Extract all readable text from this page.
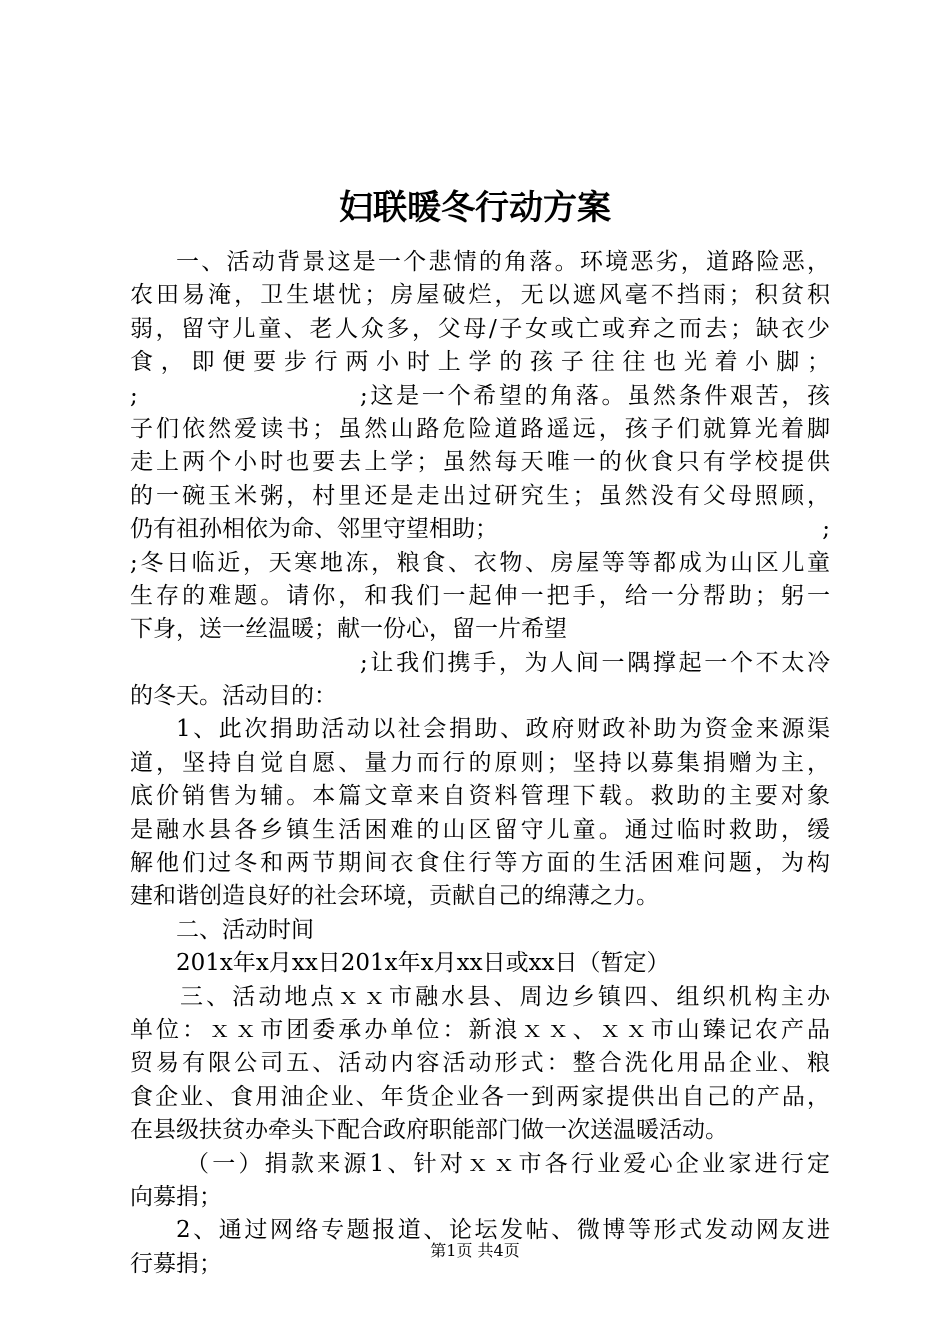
妇联暖冬行动方案
一、活动背景这是一个悲情的角落。环境恶劣，道路险恶，
农田易淹，卫生堪忧；房屋破烂，无以遮风毫不挡雨；积贫积
弱，留守儿童、老人众多，父母/子女或亡或弃之而去；缺衣少
食，即便要步行两小时上学的孩子往往也光着小脚；
;	;这是一个希望的角落。虽然条件艰苦，孩
子们依然爱读书；虽然山路危险道路遥远，孩子们就算光着脚
走上两个小时也要去上学；虽然每天唯一的伙食只有学校提供
的一碗玉米粥，村里还是走出过研究生；虽然没有父母照顾，
仍有祖孙相依为命、邻里守望相助；	;
;冬日临近，天寒地冻，粮食、衣物、房屋等等都成为山区儿童
生存的难题。请你，和我们一起伸一把手，给一分帮助；躬一
下身，送一丝温暖；献一份心，留一片希望
;让我们携手，为人间一隅撑起一个不太冷
的冬天。活动目的：
1、此次捐助活动以社会捐助、政府财政补助为资金来源渠
道，坚持自觉自愿、量力而行的原则；坚持以募集捐赠为主，
底价销售为辅。本篇文章来自资料管理下载。救助的主要对象
是融水县各乡镇生活困难的山区留守儿童。通过临时救助，缓
解他们过冬和两节期间衣食住行等方面的生活困难问题，为构
建和谐创造良好的社会环境，贡献自己的绵薄之力。
二、活动时间
201x年x月xx日201x年x月xx日或xx日（暂定）
三、活动地点ｘｘ市融水县、周边乡镇四、组织机构主办
单位：ｘｘ市团委承办单位：新浪ｘｘ、ｘｘ市山臻记农产品
贸易有限公司五、活动内容活动形式：整合洗化用品企业、粮
食企业、食用油企业、年货企业各一到两家提供出自己的产品，
在县级扶贫办牵头下配合政府职能部门做一次送温暖活动。
（一）捐款来源1、针对ｘｘ市各行业爱心企业家进行定
向募捐；
2、通过网络专题报道、论坛发帖、微博等形式发动网友进
行募捐；
第1页 共4页
